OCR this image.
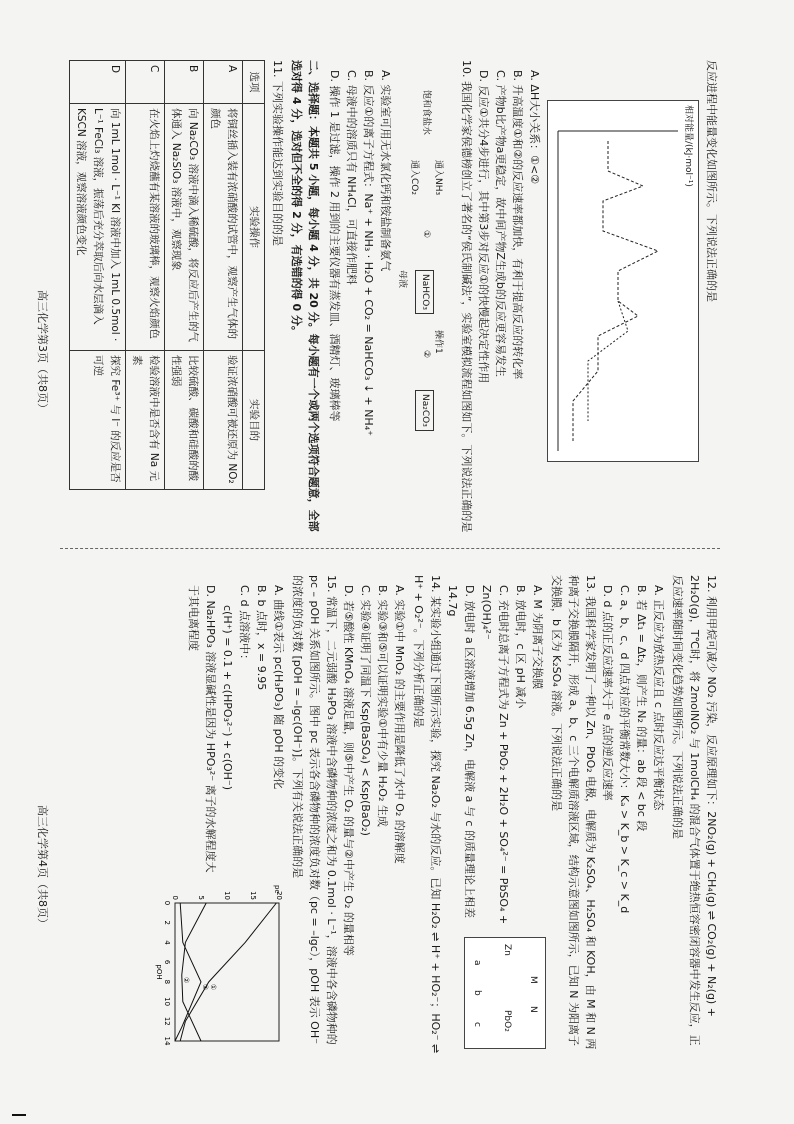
反应进程中能量变化如图所示。下列说法正确的是
相对能量/(kJ·mol⁻¹)
A. ΔH大小关系：①<②
B. 升高温度①和②的反应速率都加快，有利于提高反应的转化率
C. 产物b比产物a更稳定，故中间产物Z生成b的反应更容易发生
D. 反应①共分4步进行，其中第3步对反应①的快慢起决定性作用
10. 我国化学家侯德榜创立了著名的“侯氏制碱法”，实验室模拟流程如图如下。下列说法正确的是
饱和食盐水
通入NH₃
通入CO₂
①
NaHCO₃
母液
操作1
②
Na₂CO₃
A. 实验室可用无水氯化钙和铵盐制备氨气
B. 反应①的离子方程式：Na⁺ + NH₃ · H₂O + CO₂ = NaHCO₃ ↓ + NH₄⁺
C. 母液中的溶质只有 NH₄Cl，可直接作肥料
D. 操作 1 是过滤，操作 2 用到的主要仪器有蒸发皿、酒精灯、玻璃棒等
二、选择题：本题共 5 小题，每小题 4 分，共 20 分。每小题有一个或两个选项符合题意，全部选对得 4 分，选对但不全的得 2 分，有选错的得 0 分。
11. 下列实验操作能达到实验目的的是
选项	实验操作	实验目的
A	将铜丝插入装有浓硝酸的试管中，观察产生气体的颜色	验证浓硝酸可被还原为 NO₂
B	向 Na₂CO₃ 溶液中滴入稀硫酸，将反应后产生的气体通入 Na₂SiO₃ 溶液中，观察现象	比较硫酸、碳酸和硅酸的酸性强弱
C	在火焰上灼烧蘸有某溶液的玻璃棒，观察火焰颜色	检验溶液中是否含有 Na 元素
D	向 1mL 1mol · L⁻¹ KI 溶液中加入 1mL 0.5mol · L⁻¹ FeCl₃ 溶液，振荡后充分萃取后向水层滴入 KSCN 溶液，观察溶液颜色变化	探究 Fe³⁺ 与 I⁻ 的反应是否可逆
高三化学第3页（共8页）
12. 利用甲烷可减少 NO₂ 污染，反应原理如下：2NO₂(g) + CH₄(g) ⇌ CO₂(g) + N₂(g) + 2H₂O(g)，T℃时，将 2molNO₂ 与 1molCH₄ 的混合气体置于绝热恒容密闭容器中发生反应，正反应速率随时间变化趋势如图所示。下列说法正确的是
A. 正反应为放热反应且 c 点时反应达平衡状态
B. 若 Δt₁ = Δt₂，则产生 N₂ 的量：ab 段 < bc 段
C. a、b、c、d 四点对应的平衡常数大小：Kₐ > K_b > K_c > K_d
D. d 点的正反应速率大于 e 点的逆反应速率
13. 我国科学家发明了一种以 Zn、PbO₂ 电极，电解质为 K₂SO₄、H₂SO₄ 和 KOH，由 M 和 N 两种离子交换膜隔开，形成 a、b、c 三个电解质溶液区域，结构示意图如图所示，已知 N 为阳离子交换膜，b 区为 K₂SO₄ 溶液。下列说法正确的是
Zn
PbO₂
a
b
c
M
N
A. M 为阴离子交换膜
B. 放电时，c 区 pH 减小
C. 充电时总离子方程式为 Zn + PbO₂ + 2H₂O + SO₄²⁻ = PbSO₄ + Zn(OH)₄²⁻
D. 放电时 a 区溶液增加 6.5g Zn，电解液 a 与 c 的质量理论上相差 14.7g
14. 某实验小组通过下图所示实验，探究 Na₂O₂ 与水的反应。已知 H₂O₂ ⇌ H⁺ + HO₂⁻；HO₂⁻ ⇌ H⁺ + O₂²⁻。下列分析正确的是
A. 实验①中 MnO₂ 的主要作用是降低了水中 O₂ 的溶解度
B. 实验③和⑤可以证明实验①中有少量 H₂O₂ 生成
C. 实验④证明了同温下 Ksp(BaSO₄) < Ksp(BaO₂)
D. 若⑤酸性 KMnO₄ 溶液足量，则⑤中产生 O₂ 的量与②中产生 O₂ 的量相等
15. 常温下，二元弱酸 H₃PO₃ 溶液中含磷物种的浓度之和为 0.1mol · L⁻¹，溶液中各含磷物种的 pc – pOH 关系如图所示。图中 pc 表示各含磷物种的浓度负对数（pc = –lgc），pOH 表示 OH⁻ 的浓度的负对数 [pOH = –lgc(OH⁻)]。下列有关说法正确的是
0
2
4
6
8
10
12
14
0	5	10	15	20
pOH
pc
①
②
③
A. 曲线①表示 pc(H₃PO₃) 随 pOH 的变化
B. b 点时，x = 9.95
C. d 点溶液中：
c(H⁺) = 0.1 + c(HPO₃²⁻) + c(OH⁻)
D. Na₂HPO₃ 溶液显碱性是因为 HPO₃²⁻ 离子的水解程度大于其电离程度
高三化学第4页（共8页）
